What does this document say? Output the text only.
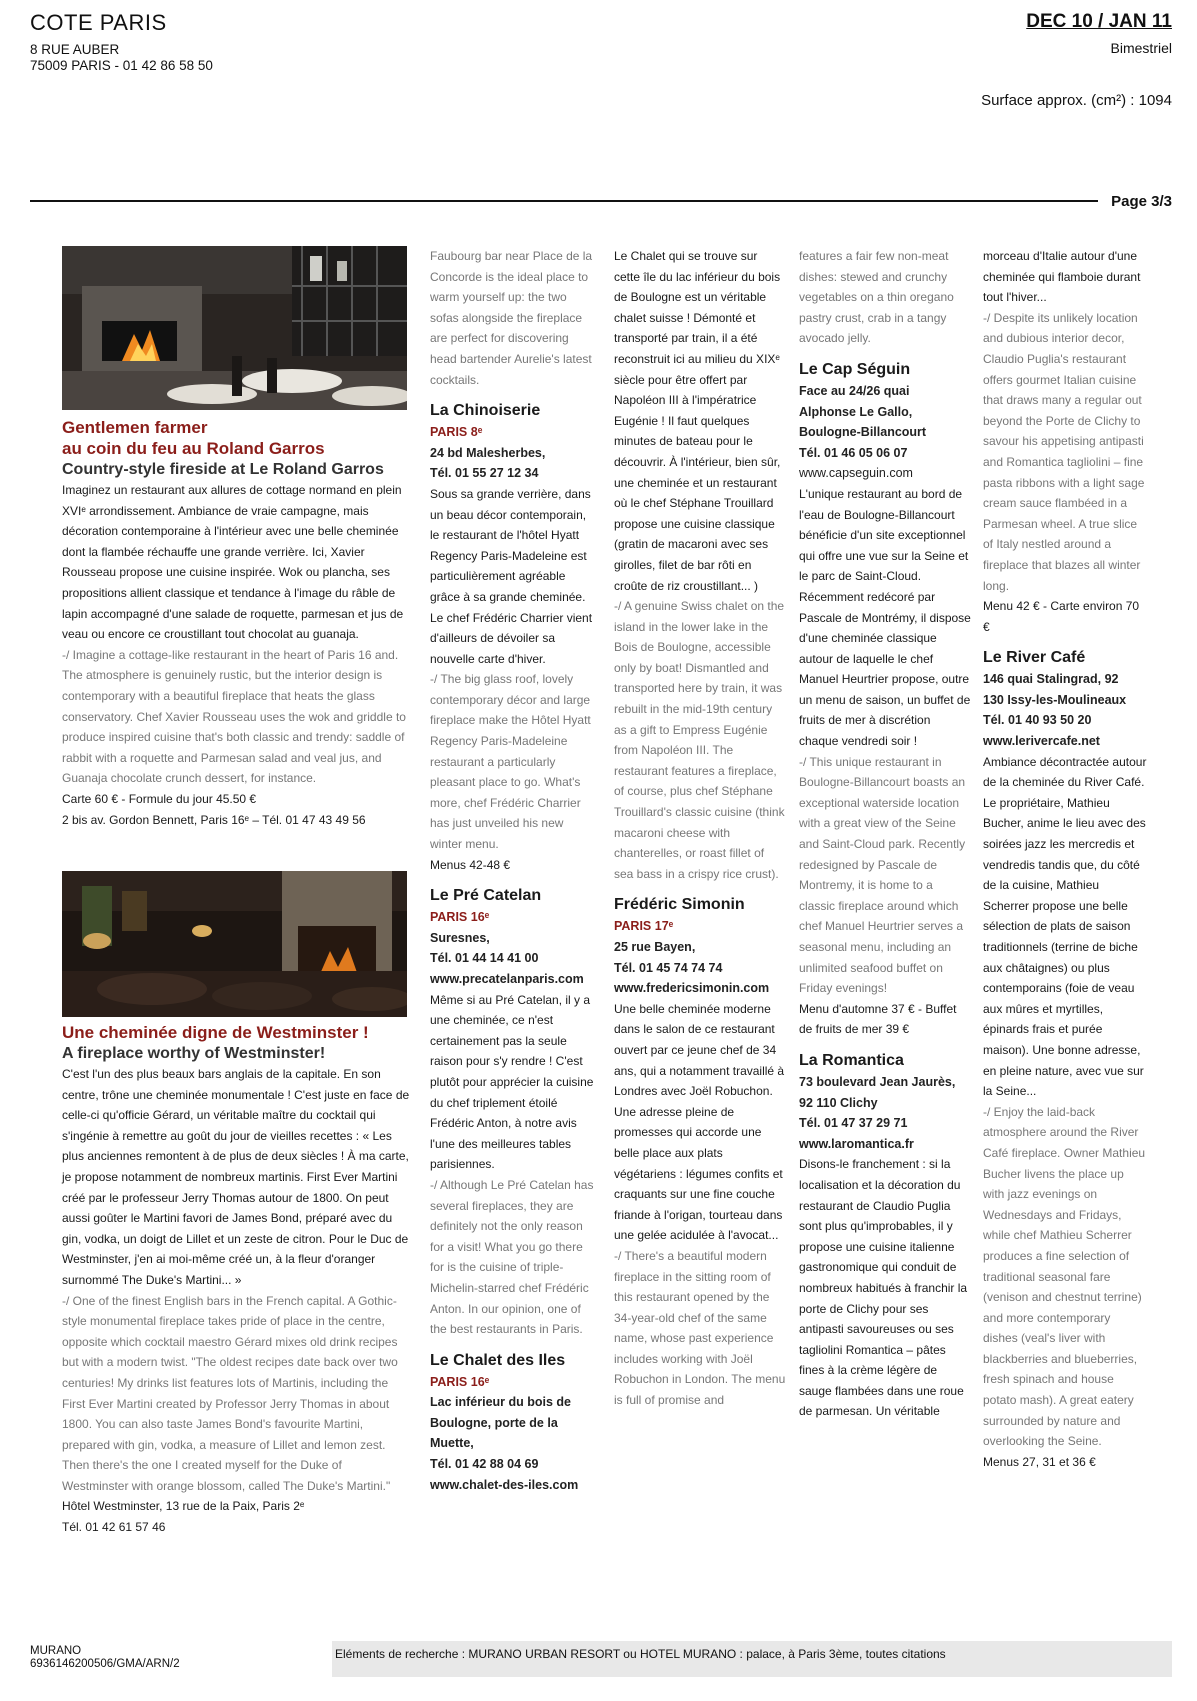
COTE PARIS
8 RUE AUBER
75009 PARIS - 01 42 86 58 50
DEC 10 / JAN 11
Bimestriel
Surface approx. (cm²) : 1094
Page 3/3
Gentlemen farmer
au coin du feu au Roland Garros
Country-style fireside at Le Roland Garros

Imaginez un restaurant aux allures de cottage normand en plein XVIᵉ arrondissement. Ambiance de vraie campagne, mais décoration contemporaine à l'intérieur avec une belle cheminée dont la flambée réchauffe une grande verrière. Ici, Xavier Rousseau propose une cuisine inspirée. Wok ou plancha, ses propositions allient classique et tendance à l'image du râble de lapin accompagné d'une salade de roquette, parmesan et jus de veau ou encore ce croustillant tout chocolat au guanaja.

-/ Imagine a cottage-like restaurant in the heart of Paris 16 and. The atmosphere is genuinely rustic, but the interior design is contemporary with a beautiful fireplace that heats the glass conservatory. Chef Xavier Rousseau uses the wok and griddle to produce inspired cuisine that's both classic and trendy: saddle of rabbit with a roquette and Parmesan salad and veal jus, and Guanaja chocolate crunch dessert, for instance.

Carte 60 € - Formule du jour 45.50 €

2 bis av. Gordon Bennett, Paris 16ᵉ – Tél. 01 47 43 49 56

Une cheminée digne de Westminster !
A fireplace worthy of Westminster!

C'est l'un des plus beaux bars anglais de la capitale. En son centre, trône une cheminée monumentale ! C'est juste en face de celle-ci qu'officie Gérard, un véritable maître du cocktail qui s'ingénie à remettre au goût du jour de vieilles recettes : « Les plus anciennes remontent à de plus de deux siècles ! À ma carte, je propose notamment de nombreux martinis. First Ever Martini créé par le professeur Jerry Thomas autour de 1800. On peut aussi goûter le Martini favori de James Bond, préparé avec du gin, vodka, un doigt de Lillet et un zeste de citron. Pour le Duc de Westminster, j'en ai moi-même créé un, à la fleur d'oranger surnommé The Duke's Martini... »

-/ One of the finest English bars in the French capital. A Gothic-style monumental fireplace takes pride of place in the centre, opposite which cocktail maestro Gérard mixes old drink recipes but with a modern twist. "The oldest recipes date back over two centuries! My drinks list features lots of Martinis, including the First Ever Martini created by Professor Jerry Thomas in about 1800. You can also taste James Bond's favourite Martini, prepared with gin, vodka, a measure of Lillet and lemon zest. Then there's the one I created myself for the Duke of Westminster with orange blossom, called The Duke's Martini."

Hôtel Westminster, 13 rue de la Paix, Paris 2ᵉ

Tél. 01 42 61 57 46

Faubourg bar near Place de la Concorde is the ideal place to warm yourself up: the two sofas alongside the fireplace are perfect for discovering head bartender Aurelie's latest cocktails.

La Chinoiserie
PARIS 8ᵉ
24 bd Malesherbes,
Tél. 01 55 27 12 34

Sous sa grande verrière, dans un beau décor contemporain, le restaurant de l'hôtel Hyatt Regency Paris-Madeleine est particulièrement agréable grâce à sa grande cheminée. Le chef Frédéric Charrier vient d'ailleurs de dévoiler sa nouvelle carte d'hiver.

-/ The big glass roof, lovely contemporary décor and large fireplace make the Hôtel Hyatt Regency Paris-Madeleine restaurant a particularly pleasant place to go. What's more, chef Frédéric Charrier has just unveiled his new winter menu.

Menus 42-48 €

Le Pré Catelan
PARIS 16ᵉ
Suresnes,
Tél. 01 44 14 41 00
www.precatelanparis.com

Même si au Pré Catelan, il y a une cheminée, ce n'est certainement pas la seule raison pour s'y rendre ! C'est plutôt pour apprécier la cuisine du chef triplement étoilé Frédéric Anton, à notre avis l'une des meilleures tables parisiennes.

-/ Although Le Pré Catelan has several fireplaces, they are definitely not the only reason for a visit! What you go there for is the cuisine of triple-Michelin-starred chef Frédéric Anton. In our opinion, one of the best restaurants in Paris.

Le Chalet des Iles
PARIS 16ᵉ
Lac inférieur du bois de Boulogne, porte de la Muette,
Tél. 01 42 88 04 69
www.chalet-des-iles.com

Le Chalet qui se trouve sur cette île du lac inférieur du bois de Boulogne est un véritable chalet suisse ! Démonté et transporté par train, il a été reconstruit ici au milieu du XIXᵉ siècle pour être offert par Napoléon III à l'impératrice Eugénie ! Il faut quelques minutes de bateau pour le découvrir. À l'intérieur, bien sûr, une cheminée et un restaurant où le chef Stéphane Trouillard propose une cuisine classique (gratin de macaroni avec ses girolles, filet de bar rôti en croûte de riz croustillant... )

-/ A genuine Swiss chalet on the island in the lower lake in the Bois de Boulogne, accessible only by boat! Dismantled and transported here by train, it was rebuilt in the mid-19th century as a gift to Empress Eugénie from Napoléon III. The restaurant features a fireplace, of course, plus chef Stéphane Trouillard's classic cuisine (think macaroni cheese with chanterelles, or roast fillet of sea bass in a crispy rice crust).

Frédéric Simonin
PARIS 17ᵉ
25 rue Bayen,
Tél. 01 45 74 74 74
www.fredericsimonin.com

Une belle cheminée moderne dans le salon de ce restaurant ouvert par ce jeune chef de 34 ans, qui a notamment travaillé à Londres avec Joël Robuchon. Une adresse pleine de promesses qui accorde une belle place aux plats végétariens : légumes confits et craquants sur une fine couche friande à l'origan, tourteau dans une gelée acidulée à l'avocat...

-/ There's a beautiful modern fireplace in the sitting room of this restaurant opened by the 34-year-old chef of the same name, whose past experience includes working with Joël Robuchon in London. The menu is full of promise and

features a fair few non-meat dishes: stewed and crunchy vegetables on a thin oregano pastry crust, crab in a tangy avocado jelly.

Le Cap Séguin
Face au 24/26 quai
Alphonse Le Gallo,
Boulogne-Billancourt
Tél. 01 46 05 06 07
www.capseguin.com

L'unique restaurant au bord de l'eau de Boulogne-Billancourt bénéficie d'un site exceptionnel qui offre une vue sur la Seine et le parc de Saint-Cloud. Récemment redécoré par Pascale de Montrémy, il dispose d'une cheminée classique autour de laquelle le chef Manuel Heurtrier propose, outre un menu de saison, un buffet de fruits de mer à discrétion chaque vendredi soir !

-/ This unique restaurant in Boulogne-Billancourt boasts an exceptional waterside location with a great view of the Seine and Saint-Cloud park. Recently redesigned by Pascale de Montremy, it is home to a classic fireplace around which chef Manuel Heurtrier serves a seasonal menu, including an unlimited seafood buffet on Friday evenings!

Menu d'automne 37 € - Buffet de fruits de mer 39 €

La Romantica
73 boulevard Jean Jaurès, 92 110 Clichy
Tél. 01 47 37 29 71
www.laromantica.fr

Disons-le franchement : si la localisation et la décoration du restaurant de Claudio Puglia sont plus qu'improbables, il y propose une cuisine italienne gastronomique qui conduit de nombreux habitués à franchir la porte de Clichy pour ses antipasti savoureuses ou ses tagliolini Romantica – pâtes fines à la crème légère de sauge flambées dans une roue de parmesan. Un véritable

morceau d'Italie autour d'une cheminée qui flamboie durant tout l'hiver...

-/ Despite its unlikely location and dubious interior decor, Claudio Puglia's restaurant offers gourmet Italian cuisine that draws many a regular out beyond the Porte de Clichy to savour his appetising antipasti and Romantica tagliolini – fine pasta ribbons with a light sage cream sauce flambéed in a Parmesan wheel. A true slice of Italy nestled around a fireplace that blazes all winter long.

Menu 42 € - Carte environ 70 €

Le River Café
146 quai Stalingrad, 92
130 Issy-les-Moulineaux
Tél. 01 40 93 50 20
www.lerivercafe.net

Ambiance décontractée autour de la cheminée du River Café. Le propriétaire, Mathieu Bucher, anime le lieu avec des soirées jazz les mercredis et vendredis tandis que, du côté de la cuisine, Mathieu Scherrer propose une belle sélection de plats de saison traditionnels (terrine de biche aux châtaignes) ou plus contemporains (foie de veau aux mûres et myrtilles, épinards frais et purée maison). Une bonne adresse, en pleine nature, avec vue sur la Seine...

-/ Enjoy the laid-back atmosphere around the River Café fireplace. Owner Mathieu Bucher livens the place up with jazz evenings on Wednesdays and Fridays, while chef Mathieu Scherrer produces a fine selection of traditional seasonal fare (venison and chestnut terrine) and more contemporary dishes (veal's liver with blackberries and blueberries, fresh spinach and house potato mash). A great eatery surrounded by nature and overlooking the Seine.

Menus 27, 31 et 36 €

MURANO
6936146200506/GMA/ARN/2
Eléments de recherche : MURANO URBAN RESORT ou HOTEL MURANO : palace, à Paris 3ème, toutes citations
